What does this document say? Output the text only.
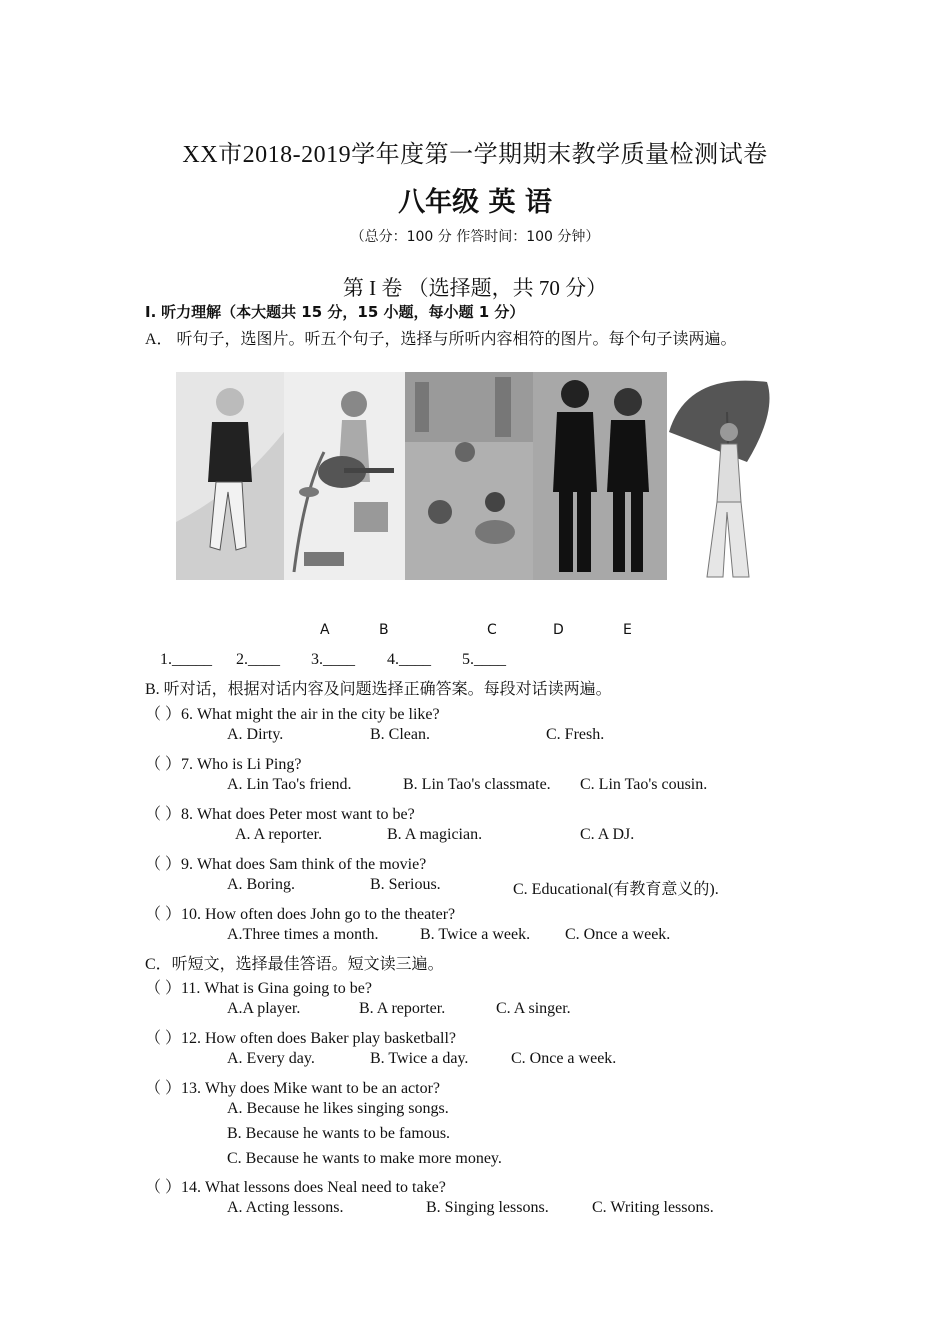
XX市2018-2019学年度第一学期期末教学质量检测试卷
八年级 英 语
（总分：100 分 作答时间：100 分钟）
第 I 卷 （选择题，共 70 分）
I. 听力理解（本大题共 15 分，15 小题，每小题 1 分）
A． 听句子，选图片。听五个句子，选择与所听内容相符的图片。每个句子读两遍。
A	B	C	D	E
1._____ 2.____ 3.____ 4.____ 5.____
B. 听对话，根据对话内容及问题选择正确答案。每段对话读两遍。
（ ）6. What might the air in the city be like?
A. Dirty.	B. Clean.	C. Fresh.
（ ）7. Who is Li Ping?
A. Lin Tao's friend.	B. Lin Tao's classmate. C. Lin Tao's cousin.
（ ）8. What does Peter most want to be?
A. A reporter.	B. A magician.	C. A DJ.
（ ）9. What does Sam think of the movie?
A. Boring.	B. Serious.	C. Educational(有教育意义的).
（ ）10. How often does John go to the theater?
A.Three times a month.	B. Twice a week. C. Once a week.
C．听短文，选择最佳答语。短文读三遍。
（ ）11. What is Gina going to be?
A.A player.	B. A reporter.	C. A singer.
（ ）12. How often does Baker play basketball?
A. Every day.	B. Twice a day.	C. Once a week.
（ ）13. Why does Mike want to be an actor?
A. Because he likes singing songs.
B. Because he wants to be famous.
C. Because he wants to make more money.
（ ）14. What lessons does Neal need to take?
A. Acting lessons.	B. Singing lessons.	C. Writing lessons.
